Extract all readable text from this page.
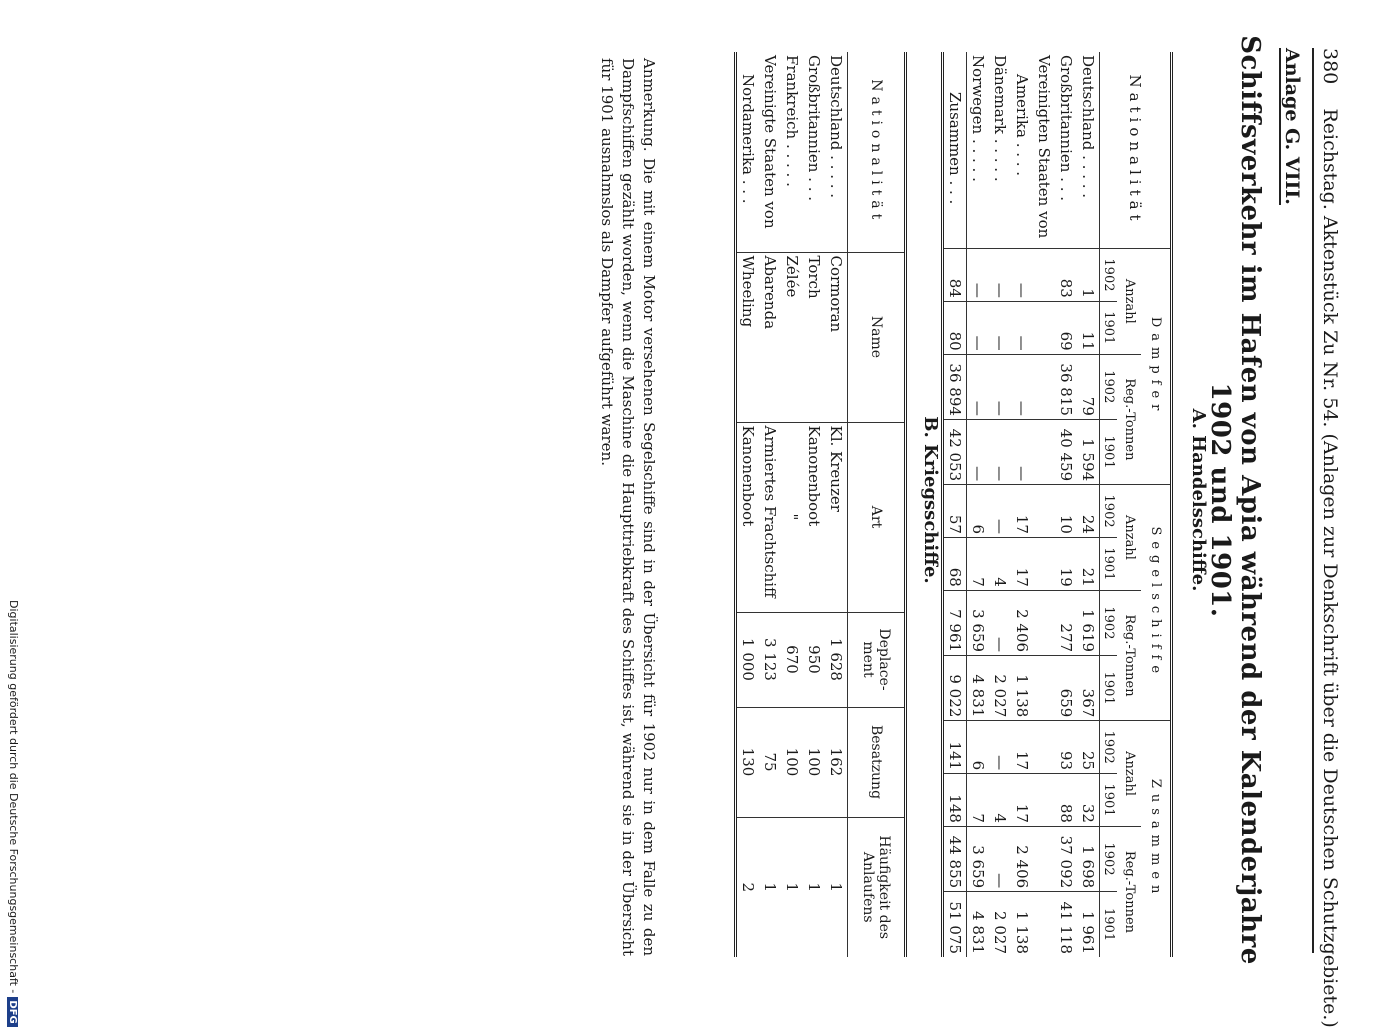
380    Reichstag. Aktenstück Zu Nr. 54. (Anlagen zur Denkschrift über die Deutschen Schutzgebiete.)
Anlage G. VIII.
Schiffsverkehr im Hafen von Apia während der Kalenderjahre 1902 und 1901.
A. Handelsschiffe.
Nationalität	Dampfer				Segelschiffe				Zusammen			
	Anzahl		Reg.-Tonnen		Anzahl		Reg.-Tonnen		Anzahl		Reg.-Tonnen	
	1902	1901	1902	1901	1902	1901	1902	1901	1902	1901	1902	1901
Deutschland . . . . .	1	11	79	1 594	24	21	1 619	367	25	32	1 698	1 961
Großbritannien . . .	83	69	36 815	40 459	10	19	277	659	93	88	37 092	41 118
Vereinigten Staaten von												
Amerika . . . .	—	—	—	—	17	17	2 406	1 138	17	17	2 406	1 138
Dänemark . . . . .	—	—	—	—	—	4	—	2 027	—	4	—	2 027
Norwegen . . . . .	—	—	—	—	6	7	3 659	4 831	6	7	3 659	4 831
Zusammen . . .	84	80	36 894	42 053	57	68	7 961	9 022	141	148	44 855	51 075
B. Kriegsschiffe.
Nationalität	Name	Art	Deplace-ment	Besatzung	Häufigkeit des Anlaufens
Deutschland . . . . .	Cormoran	Kl. Kreuzer	1 628	162	1
Großbritannien . . .	Torch	Kanonenboot	950	100	1
Frankreich . . . . .	Zélée	"	670	100	1
Vereinigte Staaten von	Abarenda	Armiertes Frachtschiff	3 123	75	1
Nordamerika . . .	Wheeling	Kanonenboot	1 000	130	2
Anmerkung. Die mit einem Motor versehenen Segelschiffe sind in der Übersicht für 1902 nur in dem Falle zu den Dampfschiffen gezählt worden, wenn die Maschine die Haupttriebkraft des Schiffes ist, während sie in der Übersicht für 1901 ausnahmslos als Dampfer aufgeführt waren.
Digitalisierung gefördert durch die Deutsche Forschungsgemeinschaft -DFG
